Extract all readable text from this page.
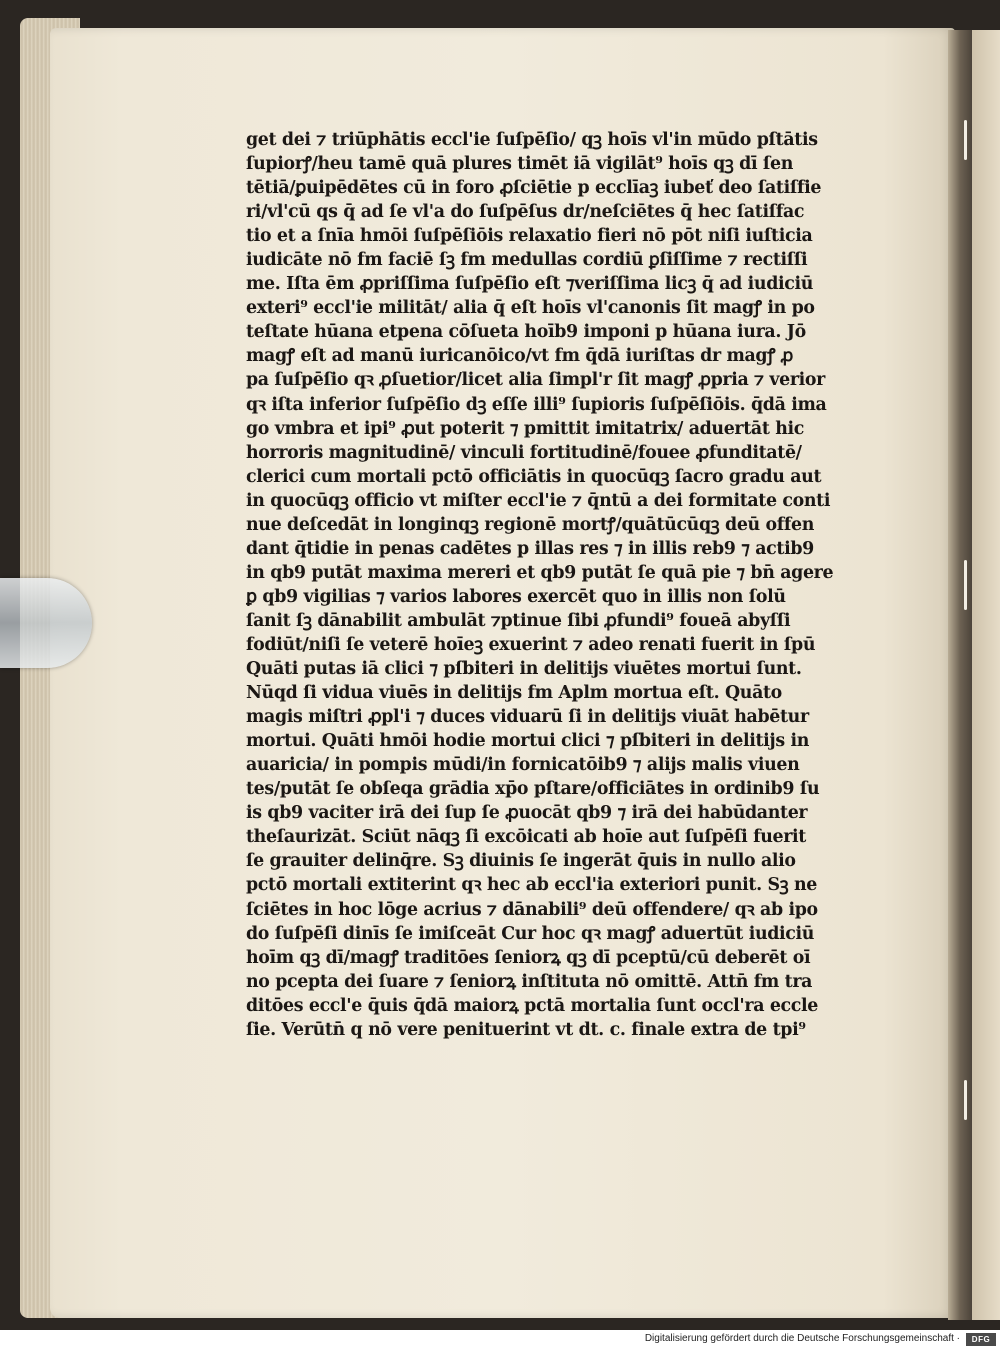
get dei ⁊ triūphātis eccl'ie ſuſpēſio/ qꝫ hoīs vl'in mūdo pſtātis
ſupiorꝭ/heu tamē quā plures timēt iā vigilāt⁹ hoīs qꝫ dī ſen
tētiā/ꝑuipēdētes cū in foro ꝓſciētie p ecclīaꝫ iubeť deo ſatiſfie
ri/vl'cū qs q̄ ad ſe vl'a do ſuſpēſus dr/neſciētes q̄ hec ſatiſfac
tio et a ſnīa hmōi ſuſpēſiōis relaxatio fieri nō pōt niſi iuſticia
iudicāte nō fm faciē ſꝫ fm medullas cordiū ꝑſiſſime ⁊ rectiſſi
me. Iſta ēm ꝓpriſſima ſuſpēſio eſt ⁊veriſſima licꝫ q̄ ad iudiciū
exteri⁹ eccl'ie militāt/ alia q̄ eſt hoīs vl'canonis ſit magꝭ in po
teſtate hūana etpena cōſueta hoīb9 imponi p hūana iura. Jō
magꝭ eſt ad manū iuricanōico/vt fm q̄dā iuriſtas dr magꝭ ꝓ
pa ſuſpēſio qꝛ ꝓſuetior/licet alia ſimpl'r ſit magꝭ ꝓpria ⁊ verior
qꝛ iſta inferior ſuſpēſio dꝫ eſſe illi⁹ ſupioris ſuſpēſiōis. q̄dā ima
go vmbra et ipi⁹ ꝓut poterit ⁊ pmittit imitatrix/ aduertāt hic
horroris magnitudinē/ vinculi fortitudinē/fouee ꝓfunditatē/
clerici cum mortali pctō officiātis in quocūqꝫ ſacro gradu aut
in quocūqꝫ officio vt miſter eccl'ie ⁊ q̄ntū a dei formitate conti
nue deſcedāt in longinqꝫ regionē mortꝭ/quātūcūqꝫ deū offen
dant q̄tidie in penas cadētes p illas res ⁊ in illis reb9 ⁊ actib9
in qb9 putāt maxima mereri et qb9 putāt ſe quā pie ⁊ bn̄ agere
ꝑ qb9 vigilias ⁊ varios labores exercēt quo in illis non ſolū
ſanit ſꝫ dānabilit ambulāt ⁊ptinue ſibi ꝓfundi⁹ foueā abyſſi
fodiūt/niſi ſe veterē hoīeꝫ exuerint ⁊ adeo renati fuerit in ſpū
Quāti putas iā clici ⁊ pſbiteri in delitijs viuētes mortui ſunt.
Nūqd ſi vidua viuēs in delitijs fm Aplm mortua eſt. Quāto
magis miſtri ꝓpl'i ⁊ duces viduarū ſi in delitijs viuāt habētur
mortui. Quāti hmōi hodie mortui clici ⁊ pſbiteri in delitijs in
auaricia/ in pompis mūdi/in fornicatōib9 ⁊ alijs malis viuen
tes/putāt ſe obſeqa grādia xp̄o pſtare/officiātes in ordinib9 ſu
is qb9 vaciter irā dei ſup ſe ꝓuocāt qb9 ⁊ irā dei habūdanter
theſaurizāt. Sciūt nāqꝫ ſi excōicati ab hoīe aut ſuſpēſi fuerit
ſe grauiter delinq̄re. Sꝫ diuinis ſe ingerāt q̄uis in nullo alio
pctō mortali extiterint qꝛ hec ab eccl'ia exteriori punit. Sꝫ ne
ſciētes in hoc lōge acrius ⁊ dānabili⁹ deū offendere/ qꝛ ab ipo
do ſuſpēſi dinīs ſe imiſceāt Cur hoc qꝛ magꝭ aduertūt iudiciū
hoīm qꝫ dī/magꝭ traditōes ſeniorꝝ qꝫ dī pceptū/cū deberēt oī
no pcepta dei ſuare ⁊ ſeniorꝝ inſtituta nō omittē. Attn̄ fm tra
ditōes eccl'e q̄uis q̄dā maiorꝝ pctā mortalia ſunt occl'ra eccle
ſie. Verūtn̄ q nō vere penituerint vt dt. c. finale extra de tpi⁹
Digitalisierung gefördert durch die Deutsche Forschungsgemeinschaft ·	DFG
